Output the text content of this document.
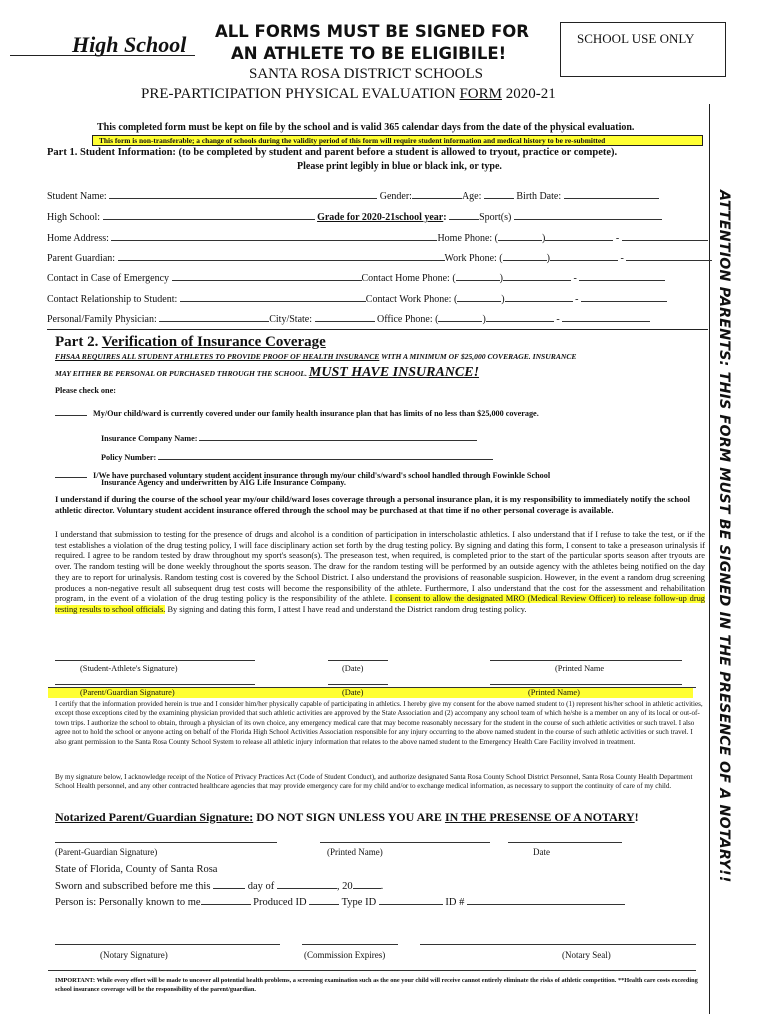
High School
ALL FORMS MUST BE SIGNED FOR
AN ATHLETE TO BE ELIGIBILE!
SCHOOL USE ONLY
SANTA ROSA DISTRICT SCHOOLS
PRE-PARTICIPATION PHYSICAL EVALUATION FORM 2020-21
This completed form must be kept on file by the school and is valid 365 calendar days from the date of the physical evaluation.
This form is non-transferable; a change of schools during the validity period of this form will require student information and medical history to be re-submitted
ATTENTION PARENTS: THIS FORM MUST BE SIGNED IN THE PRESENCE OF A NOTARY!!
Part 1. Student Information: (to be completed by student and parent before a student is allowed to tryout, practice or compete).
Please print legibly in blue or black ink, or type.
Student Name:	Gender:	Age:	Birth Date:
High School:	Grade for 2020-21school year:	Sport(s)
Home Address:	Home Phone: (	)	-
Parent Guardian:	Work Phone: (	)	-
Contact in Case of Emergency	Contact Home Phone: (	)	-
Contact Relationship to Student:	Contact Work Phone: (	)	-
Personal/Family Physician:	City/State:	Office Phone: (	)	-
Part 2. Verification of Insurance Coverage
FHSAA REQUIRES ALL STUDENT ATHLETES TO PROVIDE PROOF OF HEALTH INSURANCE WITH A MINIMUM OF $25,000 COVERAGE. INSURANCE
MAY EITHER BE PERSONAL OR PURCHASED THROUGH THE SCHOOL. MUST HAVE INSURANCE!
Please check one:
My/Our child/ward is currently covered under our family health insurance plan that has limits of no less than $25,000 coverage.
Insurance Company Name:
Policy Number:
I/We have purchased voluntary student accident insurance through my/our child's/ward's school handled through Fowinkle School
Insurance Agency and underwritten by AIG Life Insurance Company.
I understand if during the course of the school year my/our child/ward loses coverage through a personal insurance plan, it is my responsibility to immediately notify the school athletic director. Voluntary student accident insurance offered through the school may be purchased at that time if no other personal coverage is available.
I understand that submission to testing for the presence of drugs and alcohol is a condition of participation in interscholastic athletics. I also understand that if I refuse to take the test, or if the test establishes a violation of the drug testing policy, I will face disciplinary action set forth by the drug testing policy. By signing and dating this form, I consent to take a preseason urinalysis if required. I agree to be random tested by draw throughout my sport's season(s). The preseason test, when required, is completed prior to the start of the particular sports season after tryouts are over. The random testing will be done weekly throughout the sports season. The draw for the random testing will be performed by an outside agency with the athletes being notified on the day they are to report for urinalysis. Random testing cost is covered by the School District. I also understand the provisions of reasonable suspicion. However, in the event a random drug screening produces a non-negative result all subsequent drug test costs will become the responsibility of the athlete. Furthermore, I also understand that the cost for the assessment and rehabilitation program, in the event of a violation of the drug testing policy is the responsibility of the athlete. I consent to allow the designated MRO (Medical Review Officer) to release follow-up drug testing results to school officials. By signing and dating this form, I attest I have read and understand the District random drug testing policy.
(Student-Athlete's Signature)	(Date)	(Printed Name
(Parent/Guardian Signature)	(Date)	(Printed Name)
I certify that the information provided herein is true and I consider him/her physically capable of participating in athletics. I hereby give my consent for the above named student to (1) represent his/her school in athletic activities, except those exceptions cited by the examining physician provided that such athletic activities are approved by the State Association and (2) accompany any school team of which he/she is a member on any of its local or out-of-town trips. I authorize the school to obtain, through a physician of its own choice, any emergency medical care that may become reasonably necessary for the student in the course of such athletic activities or such travel. I also agree not to hold the school or anyone acting on behalf of the Florida High School Activities Association responsible for any injury occurring to the above named student in the course of such athletic activities or such travel. I also grant permission to the Santa Rosa County School System to release all athletic injury information that relates to the above named student to the Emergency Health Care Facility involved in treatment.
By my signature below, I acknowledge receipt of the Notice of Privacy Practices Act (Code of Student Conduct), and authorize designated Santa Rosa County School District Personnel, Santa Rosa County Health Department School Health personnel, and any other contracted healthcare agencies that may provide emergency care for my child and/or to exchange medical information, as necessary to support the continuity of care of my child.
Notarized Parent/Guardian Signature: DO NOT SIGN UNLESS YOU ARE IN THE PRESENSE OF A NOTARY!
(Parent-Guardian Signature)	(Printed Name)	Date
State of Florida, County of Santa Rosa
Sworn and subscribed before me this	day of	, 20	.
Person is: Personally known to me	Produced ID	Type ID	ID #
(Notary Signature)	(Commission Expires)	(Notary Seal)
IMPORTANT: While every effort will be made to uncover all potential health problems, a screening examination such as the one your child will receive cannot entirely eliminate the risks of athletic competition. **Health care costs exceeding school insurance coverage will be the responsibility of the parent/guardian.
